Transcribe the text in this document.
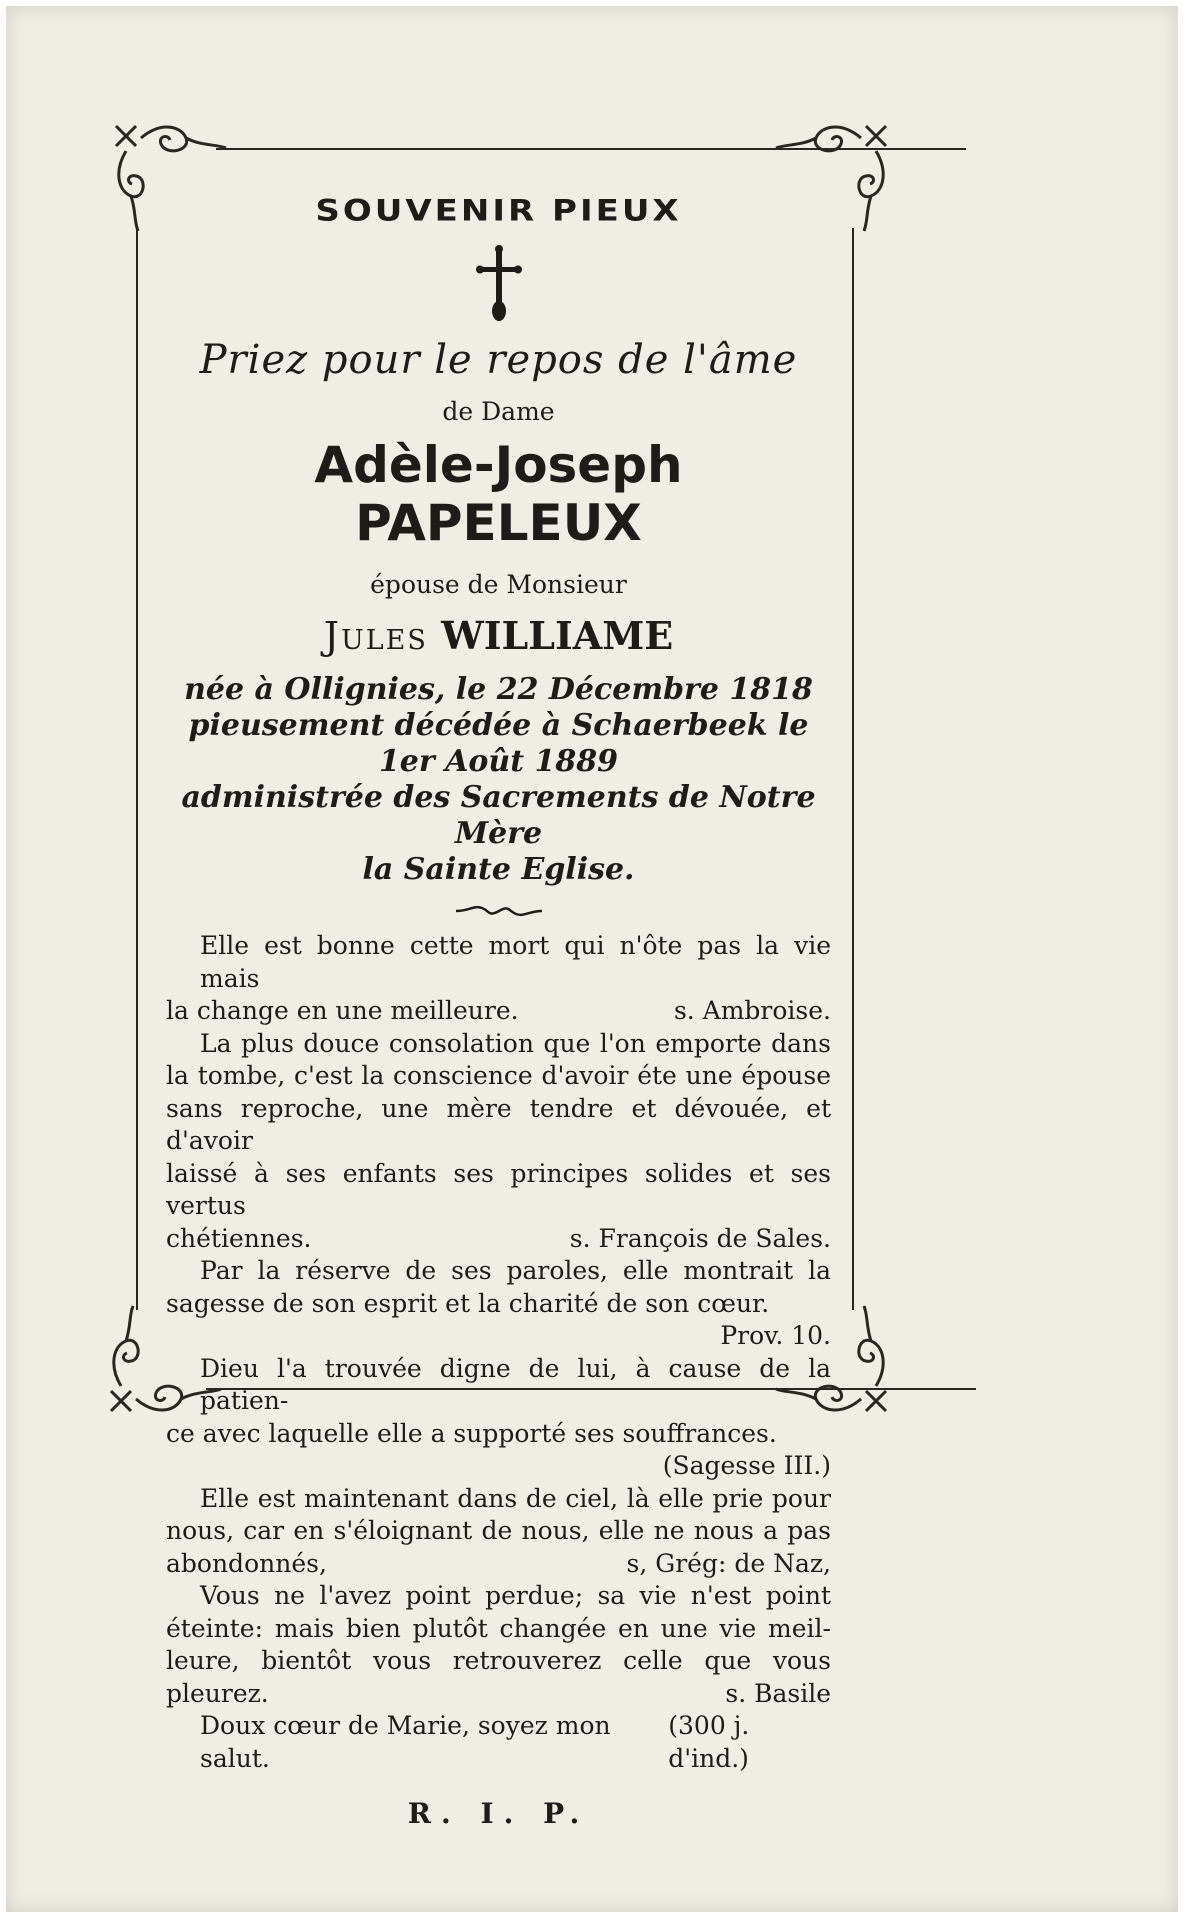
SOUVENIR PIEUX
Priez pour le repos de l'âme
de Dame
Adèle-Joseph PAPELEUX
épouse de Monsieur
Jules WILLIAME
née à Ollignies, le 22 Décembre 1818
pieusement décédée à Schaerbeek le 1er Août 1889
administrée des Sacrements de Notre Mère
la Sainte Eglise.
Elle est bonne cette mort qui n'ôte pas la vie mais
la change en une meilleure.	s. Ambroise.
La plus douce consolation que l'on emporte dans
la tombe, c'est la conscience d'avoir éte une épouse
sans reproche, une mère tendre et dévouée, et d'avoir
laissé à ses enfants ses principes solides et ses vertus
chétiennes.	s. François de Sales.
Par la réserve de ses paroles, elle montrait la
sagesse de son esprit et la charité de son cœur.
Prov. 10.
Dieu l'a trouvée digne de lui, à cause de la patien-
ce avec laquelle elle a supporté ses souffrances.
(Sagesse III.)
Elle est maintenant dans de ciel, là elle prie pour
nous, car en s'éloignant de nous, elle ne nous a pas
abondonnés,	s, Grég: de Naz,
Vous ne l'avez point perdue; sa vie n'est point
éteinte: mais bien plutôt changée en une vie meil-
leure, bientôt vous retrouverez celle que vous
pleurez.	s. Basile
Doux cœur de Marie, soyez mon salut.
(300 j. d'ind.)
R. I. P.
